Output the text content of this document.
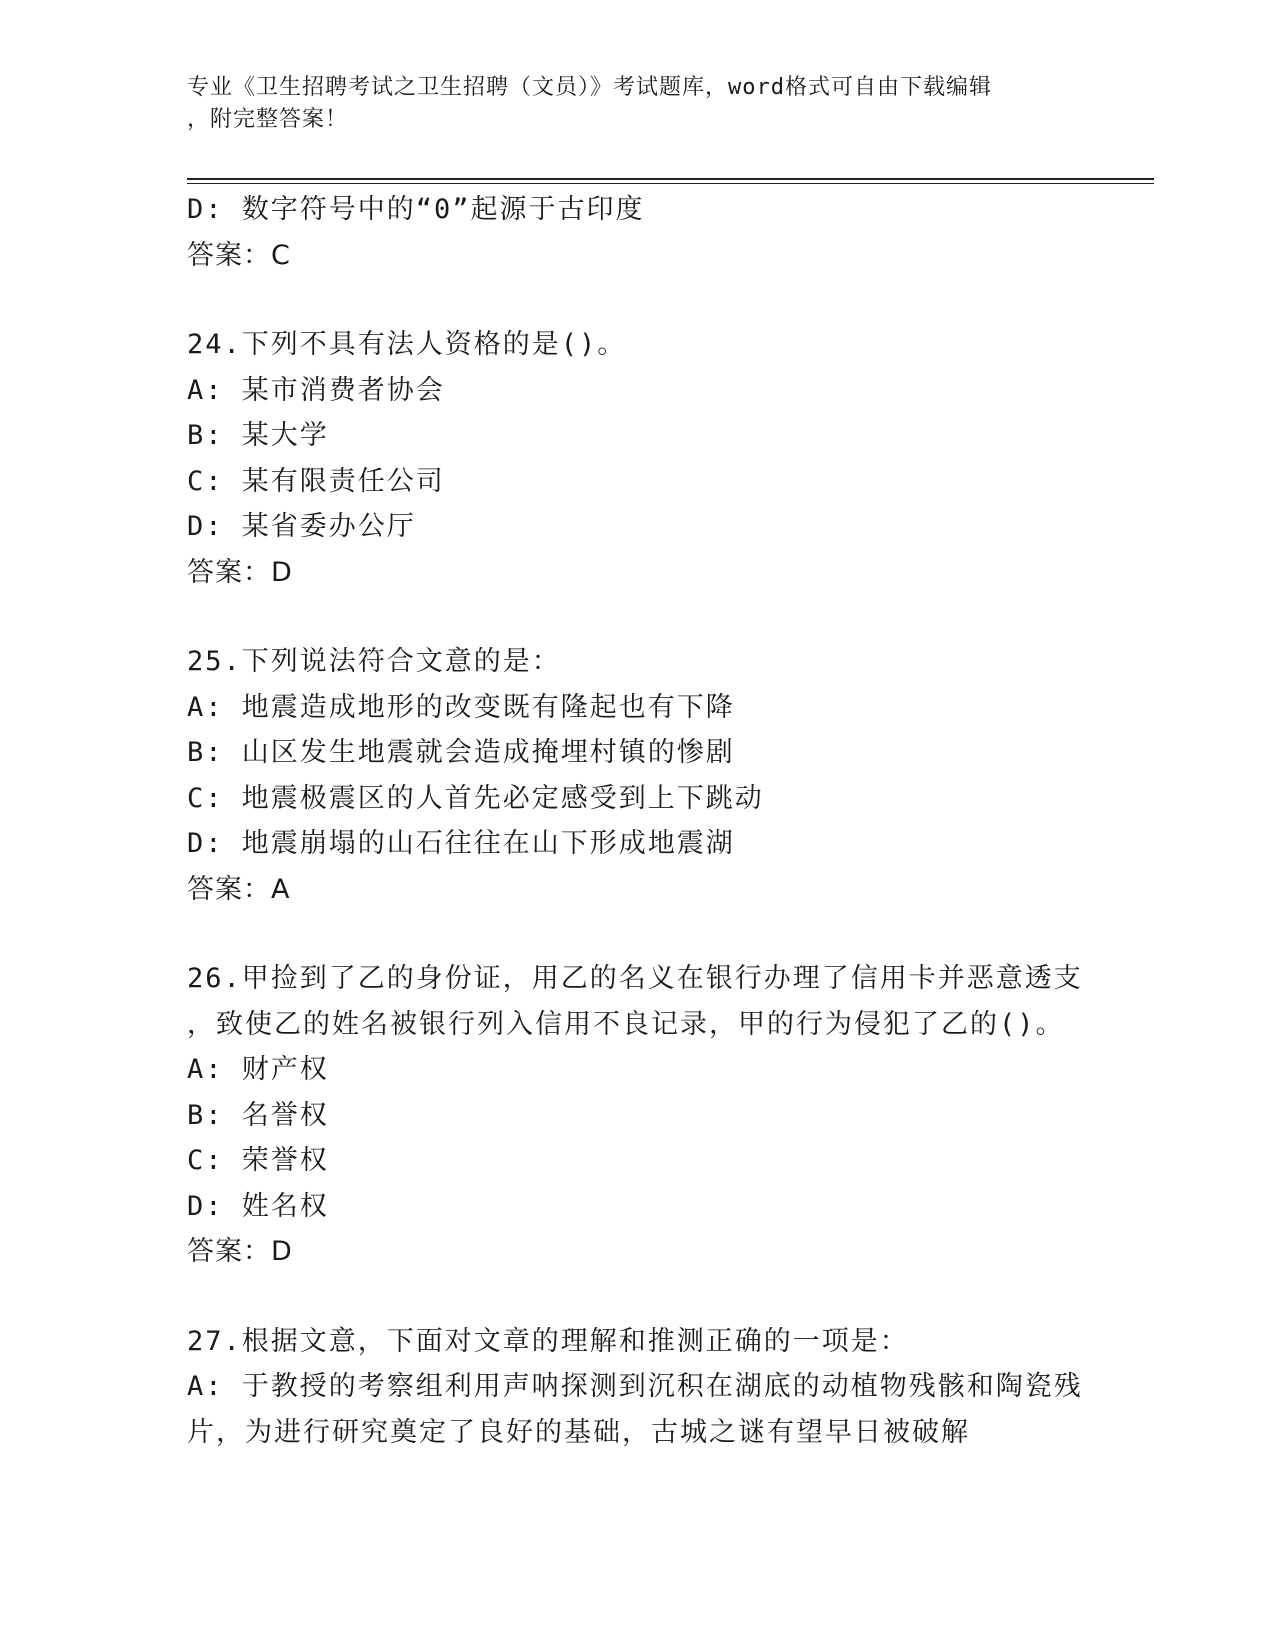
专业《卫生招聘考试之卫生招聘（文员）》考试题库，word格式可自由下载编辑
，附完整答案！
D: 数字符号中的“0”起源于古印度
答案：C
24.下列不具有法人资格的是()。
A: 某市消费者协会
B: 某大学
C: 某有限责任公司
D: 某省委办公厅
答案：D
25.下列说法符合文意的是：
A: 地震造成地形的改变既有隆起也有下降
B: 山区发生地震就会造成掩埋村镇的惨剧
C: 地震极震区的人首先必定感受到上下跳动
D: 地震崩塌的山石往往在山下形成地震湖
答案：A
26.甲捡到了乙的身份证，用乙的名义在银行办理了信用卡并恶意透支
，致使乙的姓名被银行列入信用不良记录，甲的行为侵犯了乙的()。
A: 财产权
B: 名誉权
C: 荣誉权
D: 姓名权
答案：D
27.根据文意，下面对文章的理解和推测正确的一项是：
A: 于教授的考察组利用声呐探测到沉积在湖底的动植物残骸和陶瓷残
片，为进行研究奠定了良好的基础，古城之谜有望早日被破解
